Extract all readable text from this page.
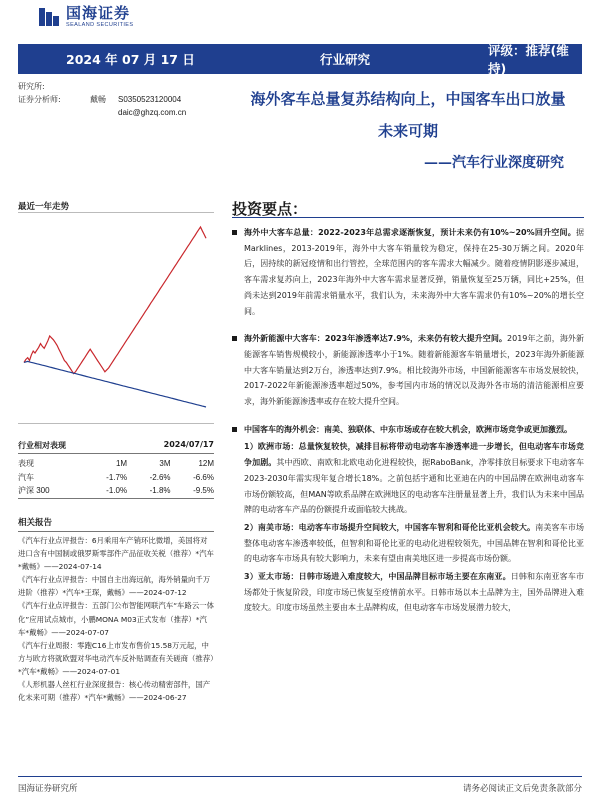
国海证券
SEALAND SECURITIES
2024 年 07 月 17 日	行业研究
评级：推荐(维持)
研究所:
证券分析师:	戴畅	S0350523120004
daic@ghzq.com.cn
最近一年走势
行业相对表现	2024/07/17
表现	1M	3M	12M
汽车	-1.7%	-2.6%	-6.6%
沪深 300	-1.0%	-1.8%	-9.5%
相关报告

《汽车行业点评报告：6月乘用车产销环比微增，美国将对进口含有中国制或俄罗斯零部件产品征收关税（推荐）*汽车*戴畅》——2024-07-14
《汽车行业点评报告：中国自主出海远航，海外销量向千万进阶（推荐）*汽车*王琛，戴畅》——2024-07-12
《汽车行业点评报告：五部门公布智能网联汽车“车路云一体化”应用试点城市，小鹏MONA M03正式发布（推荐）*汽车*戴畅》——2024-07-07
《汽车行业周报：零跑C16上市发布售价15.58万元起，中方与欧方将就欧盟对华电动汽车反补贴调查有关磋商（推荐）*汽车*戴畅》——2024-07-01
《人形机器人丝杠行业深度报告：核心传动精密部件，国产化未来可期（推荐）*汽车*戴畅》——2024-06-27

海外客车总量复苏结构向上，中国客车出口放量
未来可期
——汽车行业深度研究
投资要点：
海外中大客车总量：2022-2023年总需求逐渐恢复，预计未来仍有10%~20%回升空间。据Marklines，2013-2019年，海外中大客车销量较为稳定，保持在25-30万辆之间。2020年后，因持续的新冠疫情和出行管控，全球范围内的客车需求大幅减少。随着疫情阴影逐步减退，客车需求复苏向上，2023年海外中大客车需求显著反弹，销量恢复至25万辆，同比+25%，但尚未达到2019年前需求销量水平，我们认为，未来海外中大客车需求仍有10%~20%的增长空间。
海外新能源中大客车：2023年渗透率达7.9%，未来仍有较大提升空间。2019年之前，海外新能源客车销售规模较小，新能源渗透率小于1%。随着新能源客车销量增长，2023年海外新能源中大客车销量达到2万台，渗透率达到7.9%。相比较海外市场，中国新能源客车市场发展较快，2017-2022年新能源渗透率超过50%，参考国内市场的情况以及海外各市场的清洁能源相应要求，海外新能源渗透率或存在较大提升空间。
中国客车的海外机会：南美、独联体、中东市场或存在较大机会，欧洲市场竞争或更加激烈。
1）欧洲市场：总量恢复较快，减排目标将带动电动客车渗透率进一步增长，但电动客车市场竞争加剧。其中西欧、南欧和北欧电动化进程较快，据RaboBank，净零排放目标要求下电动客车2023-2030年需实现年复合增长18%。之前包括宇通和比亚迪在内的中国品牌在欧洲电动客车市场份额较高，但MAN等欧系品牌在欧洲地区的电动客车注册量显著上升，我们认为未来中国品牌的电动客车产品的份额提升或面临较大挑战。
2）南美市场：电动客车市场提升空间较大，中国客车智利和哥伦比亚机会较大。南美客车市场整体电动客车渗透率较低，但智利和哥伦比亚的电动化进程较领先，中国品牌在智利和哥伦比亚的电动客车市场具有较大影响力，未来有望由南美地区进一步提高市场份额。
3）亚太市场：日韩市场进入难度较大，中国品牌目标市场主要在东南亚。日韩和东南亚客车市场都处于恢复阶段，印度市场已恢复至疫情前水平。日韩市场以本土品牌为主，国外品牌进入难度较大。印度市场虽然主要由本土品牌构成，但电动客车市场发展潜力较大，
国海证券研究所	请务必阅读正文后免责条款部分
